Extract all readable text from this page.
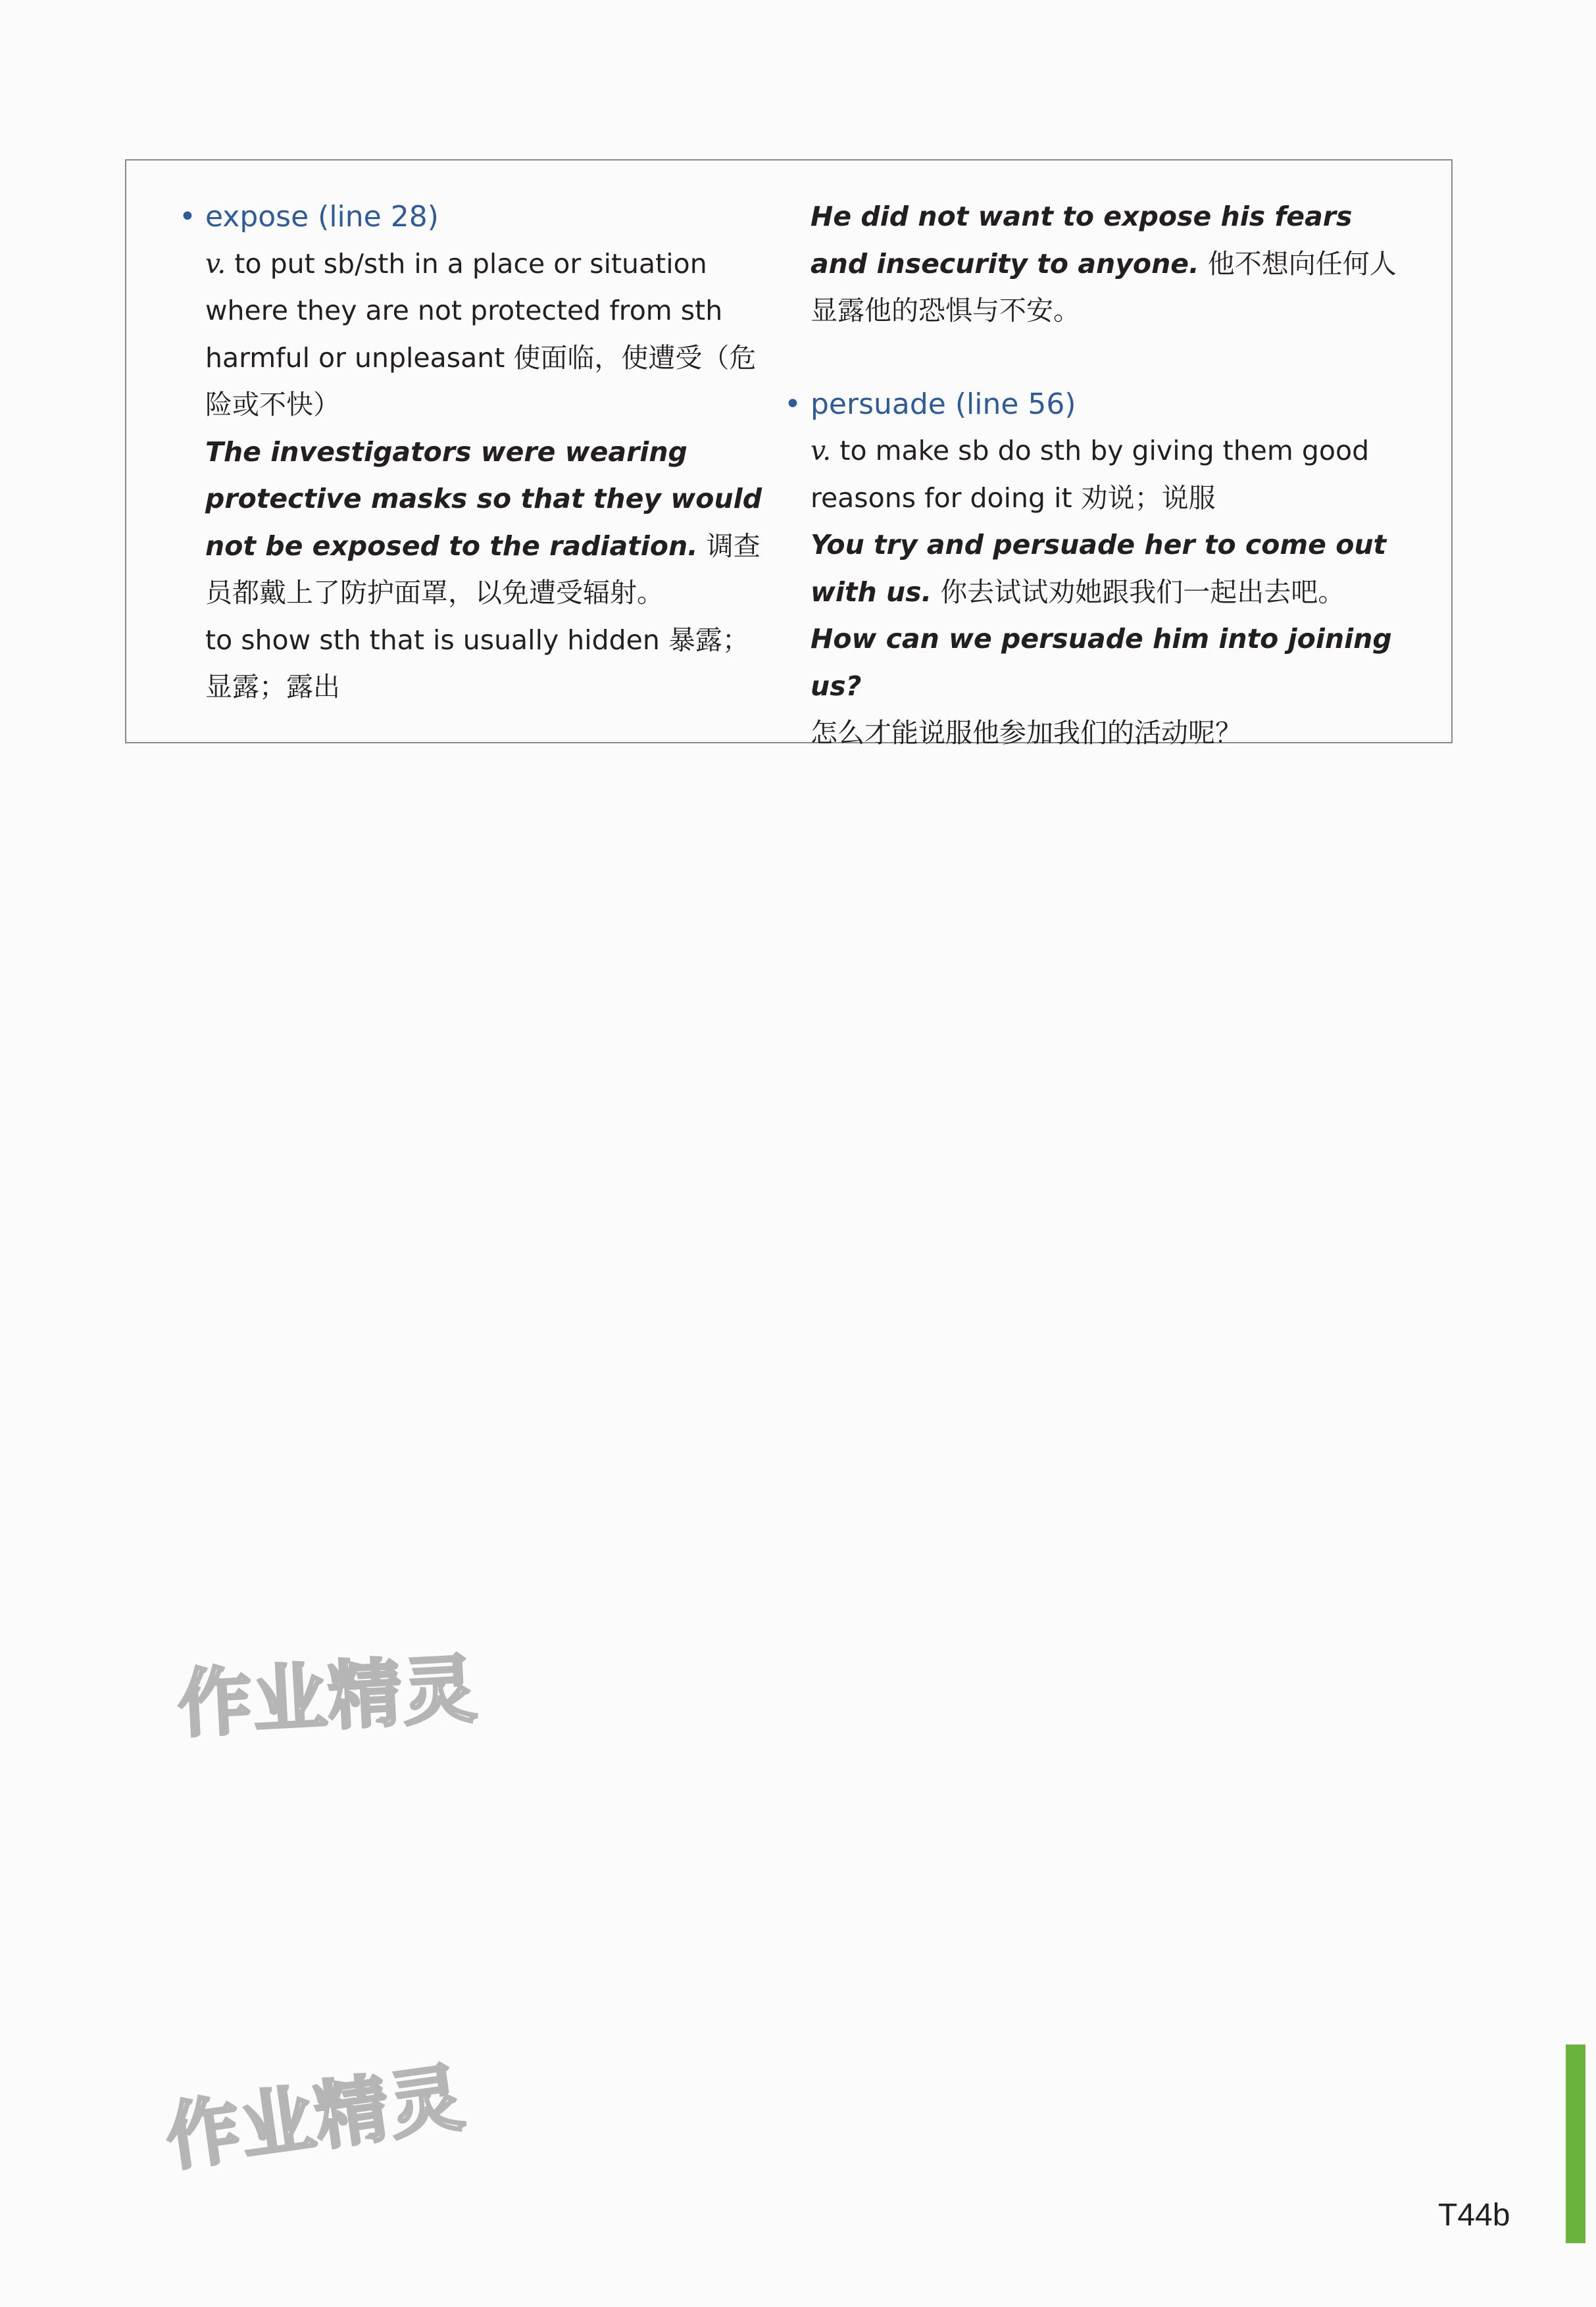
• expose (line 28)
v. to put sb/sth in a place or situation where they are not protected from sth harmful or unpleasant 使面临，使遭受（危险或不快）
The investigators were wearing protective masks so that they would not be exposed to the radiation. 调查员都戴上了防护面罩，以免遭受辐射。
to show sth that is usually hidden 暴露；显露；露出
He did not want to expose his fears and insecurity to anyone. 他不想向任何人显露他的恐惧与不安。
• persuade (line 56)
v. to make sb do sth by giving them good reasons for doing it 劝说；说服
You try and persuade her to come out with us. 你去试试劝她跟我们一起出去吧。
How can we persuade him into joining us?
怎么才能说服他参加我们的活动呢？
作业精灵
作业精灵
T44b
